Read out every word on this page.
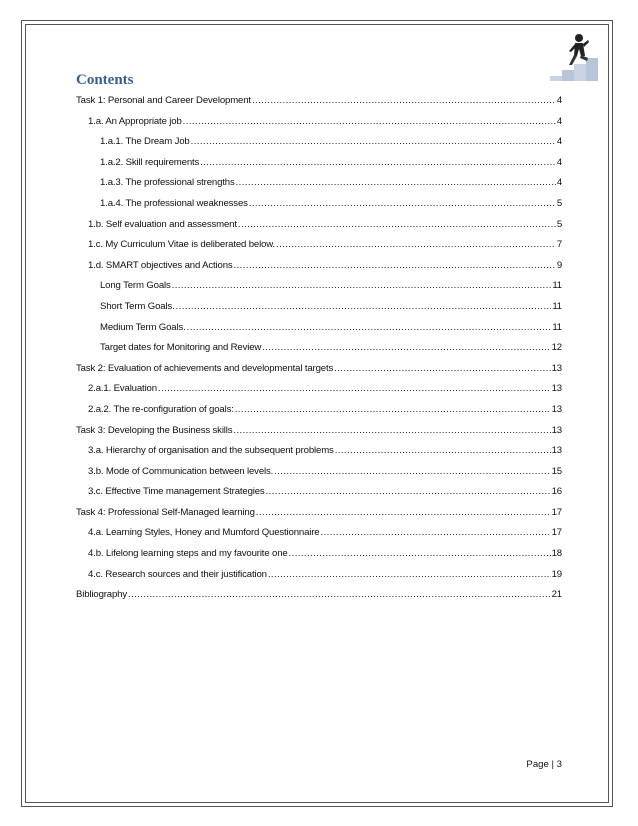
Contents
Task 1: Personal and Career Development .....	4
1.a. An Appropriate job .....	4
1.a.1. The Dream Job .....	4
1.a.2. Skill requirements .....	4
1.a.3. The professional strengths .....	4
1.a.4. The professional weaknesses .....	5
1.b. Self evaluation and assessment .....	5
1.c. My Curriculum Vitae is deliberated below. .....	7
1.d. SMART objectives and Actions .....	9
Long Term Goals .....	11
Short Term Goals. .....	11
Medium Term Goals. .....	11
Target dates for Monitoring and Review .....	12
Task 2: Evaluation of achievements and developmental targets .....	13
2.a.1. Evaluation .....	13
2.a.2. The re-configuration of goals: .....	13
Task 3: Developing the Business skills .....	13
3.a. Hierarchy of organisation and the subsequent problems .....	13
3.b. Mode of Communication between levels. .....	15
3.c. Effective Time management Strategies .....	16
Task 4: Professional Self-Managed learning .....	17
4.a. Learning Styles, Honey and Mumford Questionnaire .....	17
4.b. Lifelong learning steps and my favourite one .....	18
4.c. Research sources and their justification .....	19
Bibliography .....	21
Page | 3
